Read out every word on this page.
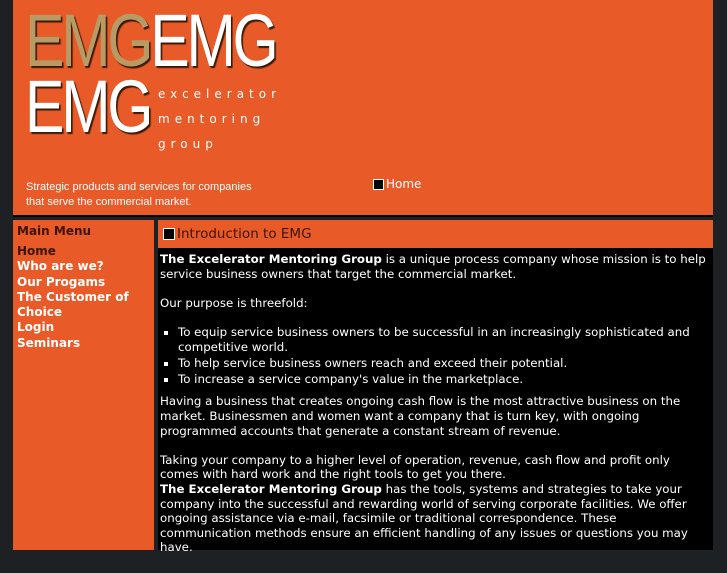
EMGEMG
EMG excelerator
mentoring
group
Strategic products and services for companies
that serve the commercial market.
Home
Main Menu
Home
Who are we?
Our Progams
The Customer of Choice
Login
Seminars
Introduction to EMG

The Excelerator Mentoring Group is a unique process company whose mission is to help service business owners that target the commercial market.

Our purpose is threefold:

▪ To equip service business owners to be successful in an increasingly sophisticated and competitive world.
▪ To help service business owners reach and exceed their potential.
▪ To increase a service company's value in the marketplace.

Having a business that creates ongoing cash flow is the most attractive business on the market. Businessmen and women want a company that is turn key, with ongoing programmed accounts that generate a constant stream of revenue.

Taking your company to a higher level of operation, revenue, cash flow and profit only comes with hard work and the right tools to get you there.

The Excelerator Mentoring Group has the tools, systems and strategies to take your company into the successful and rewarding world of serving corporate facilities. We offer ongoing assistance via e-mail, facsimile or traditional correspondence. These communication methods ensure an efficient handling of any issues or questions you may have.
